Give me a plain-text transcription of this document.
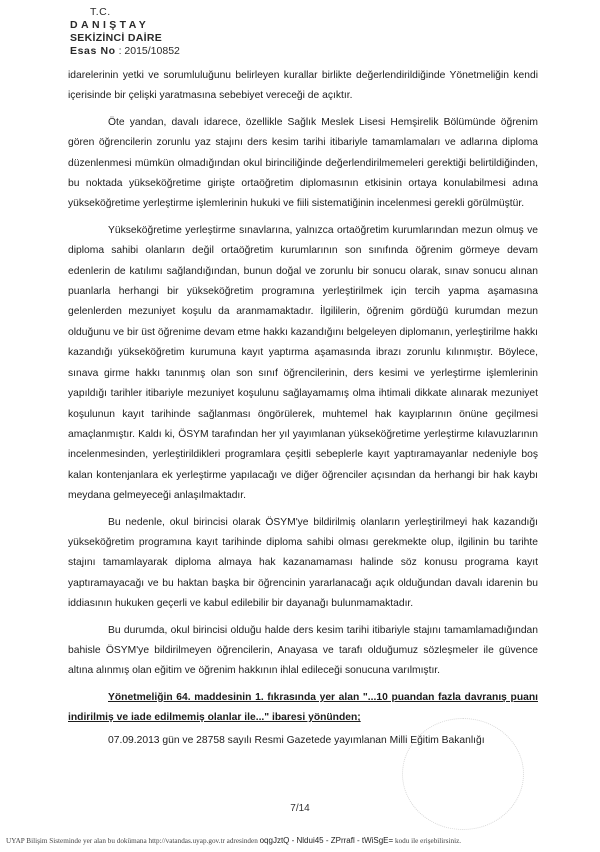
T.C.
DANIŞTAY
SEKİZİNCİ DAİRE
Esas No : 2015/10852

idarelerinin yetki ve sorumluluğunu belirleyen kurallar birlikte değerlendirildiğinde Yönetmeliğin kendi içerisinde bir çelişki yaratmasına sebebiyet vereceği de açıktır.

Öte yandan, davalı idarece, özellikle Sağlık Meslek Lisesi Hemşirelik Bölümünde öğrenim gören öğrencilerin zorunlu yaz stajını ders kesim tarihi itibariyle tamamlamaları ve adlarına diploma düzenlenmesi mümkün olmadığından okul birinciliğinde değerlendirilmemeleri gerektiği belirtildiğinden, bu noktada yükseköğretime girişte ortaöğretim diplomasının etkisinin ortaya konulabilmesi adına yükseköğretime yerleştirme işlemlerinin hukuki ve fiili sistematiğinin incelenmesi gerekli görülmüştür.

Yükseköğretime yerleştirme sınavlarına, yalnızca ortaöğretim kurumlarından mezun olmuş ve diploma sahibi olanların değil ortaöğretim kurumlarının son sınıfında öğrenim görmeye devam edenlerin de katılımı sağlandığından, bunun doğal ve zorunlu bir sonucu olarak, sınav sonucu alınan puanlarla herhangi bir yükseköğretim programına yerleştirilmek için tercih yapma aşamasına gelenlerden mezuniyet koşulu da aranmamaktadır. İlgililerin, öğrenim gördüğü kurumdan mezun olduğunu ve bir üst öğrenime devam etme hakkı kazandığını belgeleyen diplomanın, yerleştirilme hakkı kazandığı yükseköğretim kurumuna kayıt yaptırma aşamasında ibrazı zorunlu kılınmıştır. Böylece, sınava girme hakkı tanınmış olan son sınıf öğrencilerinin, ders kesimi ve yerleştirme işlemlerinin yapıldığı tarihler itibariyle mezuniyet koşulunu sağlayamamış olma ihtimali dikkate alınarak mezuniyet koşulunun kayıt tarihinde sağlanması öngörülerek, muhtemel hak kayıplarının önüne geçilmesi amaçlanmıştır. Kaldı ki, ÖSYM tarafından her yıl yayımlanan yükseköğretime yerleştirme kılavuzlarının incelenmesinden, yerleştirildikleri programlara çeşitli sebeplerle kayıt yaptıramayanlar nedeniyle boş kalan kontenjanlara ek yerleştirme yapılacağı ve diğer öğrenciler açısından da herhangi bir hak kaybı meydana gelmeyeceği anlaşılmaktadır.

Bu nedenle, okul birincisi olarak ÖSYM'ye bildirilmiş olanların yerleştirilmeyi hak kazandığı yükseköğretim programına kayıt tarihinde diploma sahibi olması gerekmekte olup, ilgilinin bu tarihte stajını tamamlayarak diploma almaya hak kazanamaması halinde söz konusu programa kayıt yaptıramayacağı ve bu haktan başka bir öğrencinin yararlanacağı açık olduğundan davalı idarenin bu iddiasının hukuken geçerli ve kabul edilebilir bir dayanağı bulunmamaktadır.

Bu durumda, okul birincisi olduğu halde ders kesim tarihi itibariyle stajını tamamlamadığından bahisle ÖSYM'ye bildirilmeyen öğrencilerin, Anayasa ve tarafı olduğumuz sözleşmeler ile güvence altına alınmış olan eğitim ve öğrenim hakkının ihlal edileceği sonucuna varılmıştır.

Yönetmeliğin 64. maddesinin 1. fıkrasında yer alan "...10 puandan fazla davranış puanı indirilmiş ve iade edilmemiş olanlar ile..." ibaresi yönünden;

07.09.2013 gün ve 28758 sayılı Resmi Gazetede yayımlanan Milli Eğitim Bakanlığı

7/14
UYAP Bilişim Sisteminde yer alan bu dokümana http://vatandas.uyap.gov.tr adresinden oqgJztQ - Nldui45 - ZPrrafl - tWiSgE= kodu ile erişebilirsiniz.
